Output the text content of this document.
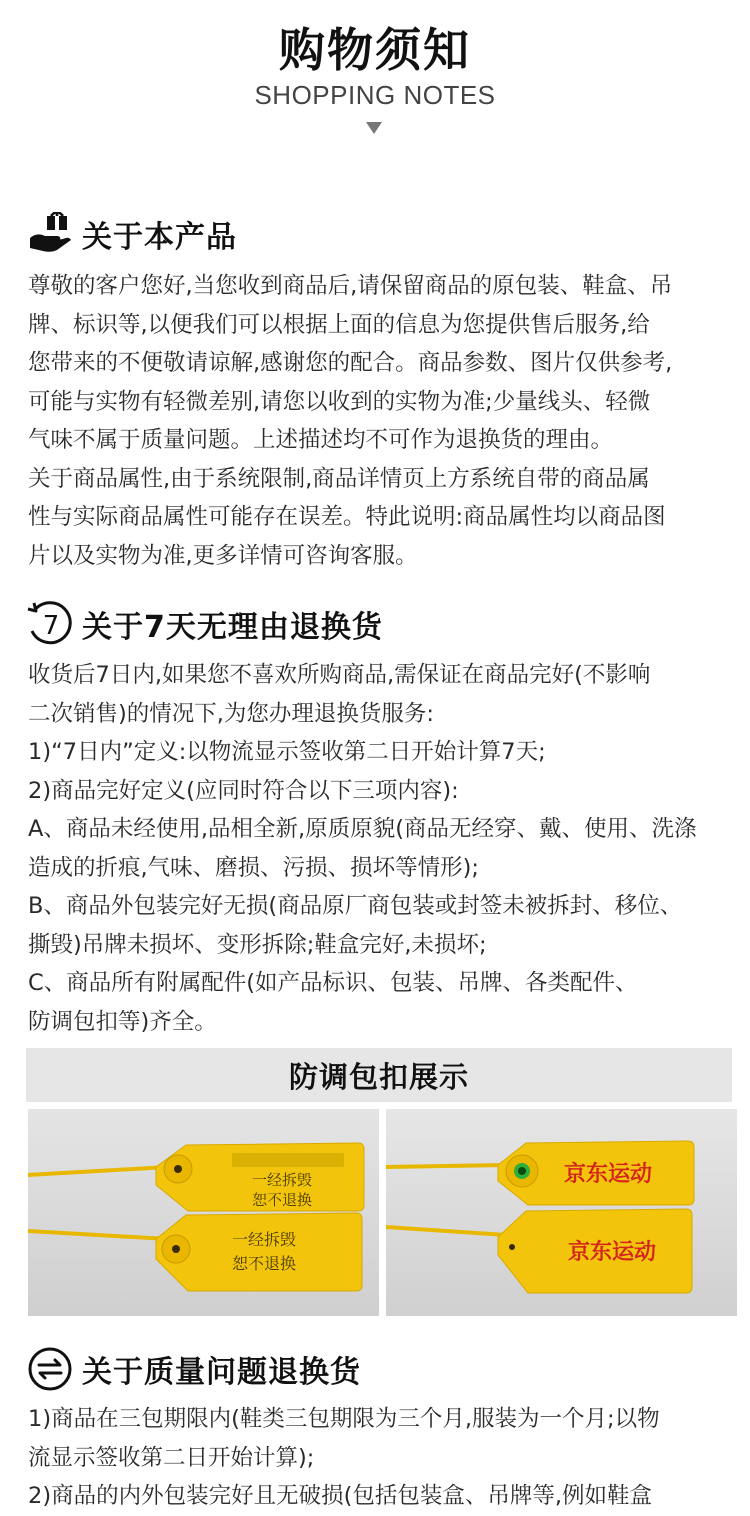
购物须知
SHOPPING NOTES
关于本产品
尊敬的客户您好,当您收到商品后,请保留商品的原包装、鞋盒、吊
牌、标识等,以便我们可以根据上面的信息为您提供售后服务,给
您带来的不便敬请谅解,感谢您的配合。商品参数、图片仅供参考,
可能与实物有轻微差别,请您以收到的实物为准;少量线头、轻微
气味不属于质量问题。上述描述均不可作为退换货的理由。
关于商品属性,由于系统限制,商品详情页上方系统自带的商品属
性与实际商品属性可能存在误差。特此说明:商品属性均以商品图
片以及实物为准,更多详情可咨询客服。
7 关于7天无理由退换货
收货后7日内,如果您不喜欢所购商品,需保证在商品完好(不影响
二次销售)的情况下,为您办理退换货服务:
1)“7日内”定义:以物流显示签收第二日开始计算7天;
2)商品完好定义(应同时符合以下三项内容):
A、商品未经使用,品相全新,原质原貌(商品无经穿、戴、使用、洗涤
造成的折痕,气味、磨损、污损、损坏等情形);
B、商品外包装完好无损(商品原厂商包装或封签未被拆封、移位、
撕毁)吊牌未损坏、变形拆除;鞋盒完好,未损坏;
C、商品所有附属配件(如产品标识、包装、吊牌、各类配件、
防调包扣等)齐全。
防调包扣展示
一经拆毁
恕不退换
一经拆毁
恕不退换
京东运动
京东运动
关于质量问题退换货
1)商品在三包期限内(鞋类三包期限为三个月,服装为一个月;以物
流显示签收第二日开始计算);
2)商品的内外包装完好且无破损(包括包装盒、吊牌等,例如鞋盒
